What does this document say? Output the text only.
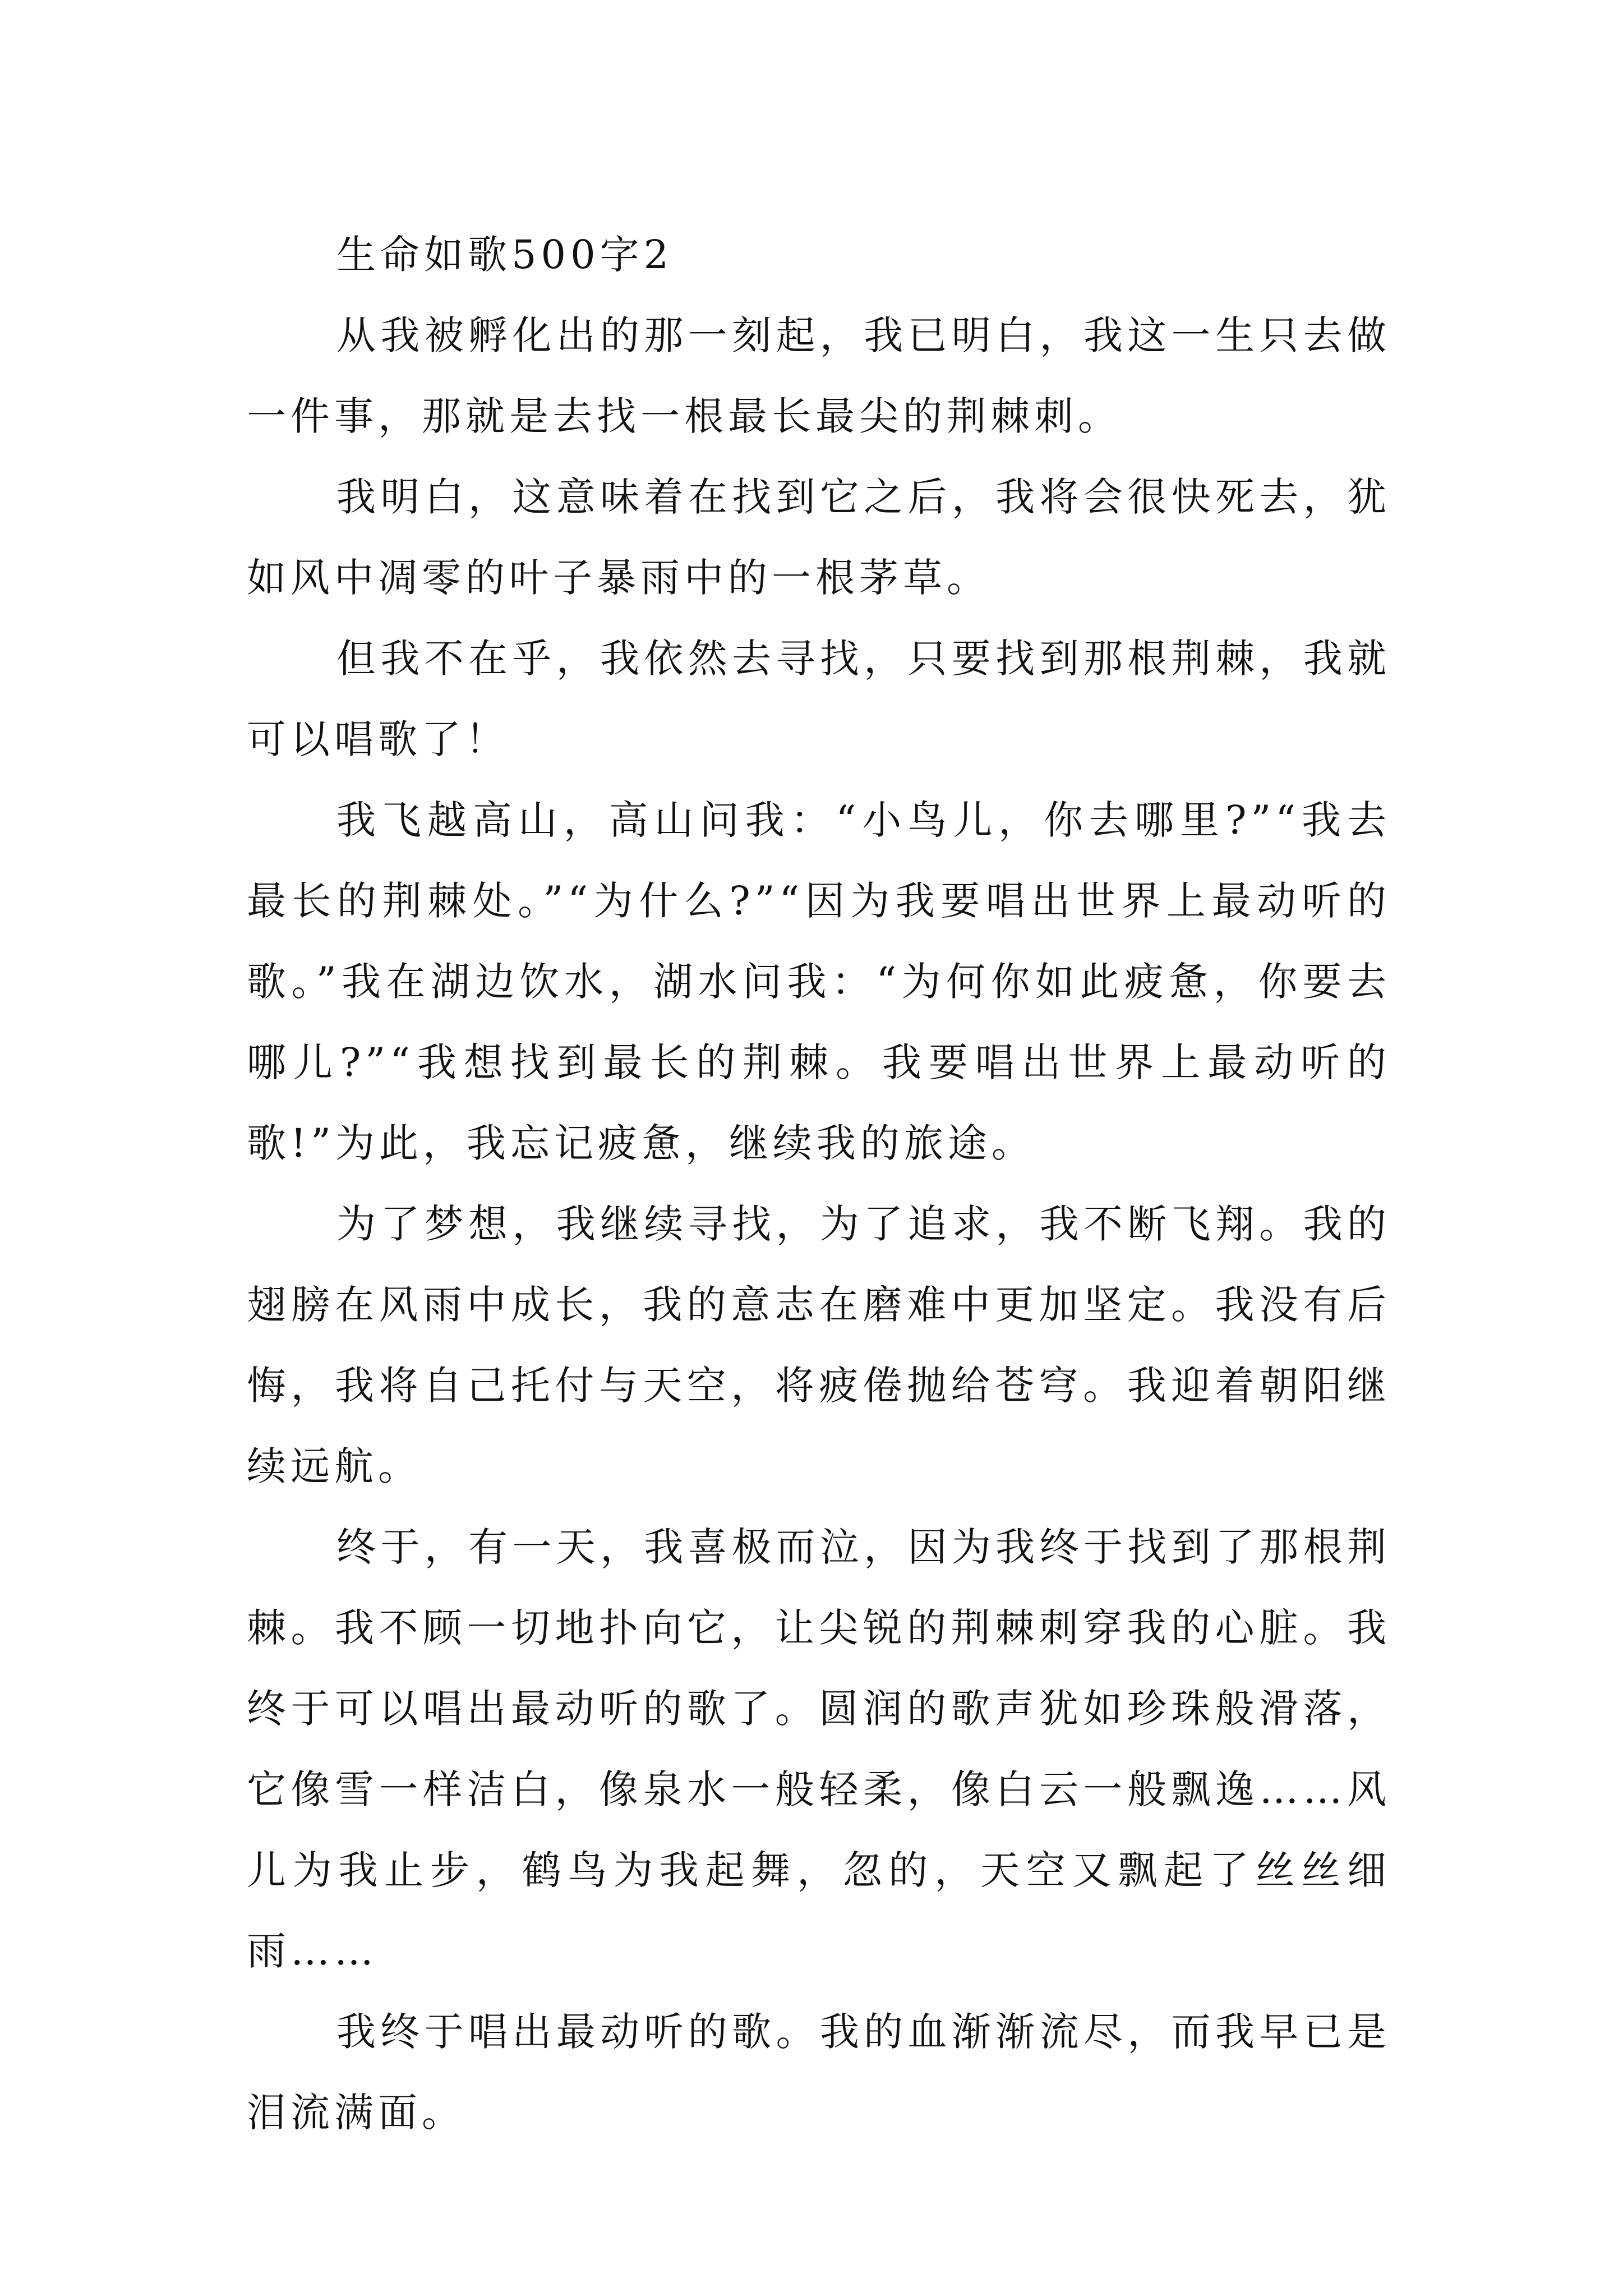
生命如歌500字2

从我被孵化出的那一刻起，我已明白，我这一生只去做一件事，那就是去找一根最长最尖的荆棘刺。

我明白，这意味着在找到它之后，我将会很快死去，犹如风中凋零的叶子暴雨中的一根茅草。

但我不在乎，我依然去寻找，只要找到那根荆棘，我就可以唱歌了！

我飞越高山，高山问我：“小鸟儿，你去哪里?”“我去最长的荆棘处。”“为什么?”“因为我要唱出世界上最动听的歌。”我在湖边饮水，湖水问我：“为何你如此疲惫，你要去哪儿?”“我想找到最长的荆棘。我要唱出世界上最动听的歌!”为此，我忘记疲惫，继续我的旅途。

为了梦想，我继续寻找，为了追求，我不断飞翔。我的翅膀在风雨中成长，我的意志在磨难中更加坚定。我没有后悔，我将自己托付与天空，将疲倦抛给苍穹。我迎着朝阳继续远航。

终于，有一天，我喜极而泣，因为我终于找到了那根荆棘。我不顾一切地扑向它，让尖锐的荆棘刺穿我的心脏。我终于可以唱出最动听的歌了。圆润的歌声犹如珍珠般滑落，它像雪一样洁白，像泉水一般轻柔，像白云一般飘逸……风儿为我止步，鹤鸟为我起舞，忽的，天空又飘起了丝丝细雨……

我终于唱出最动听的歌。我的血渐渐流尽，而我早已是泪流满面。
